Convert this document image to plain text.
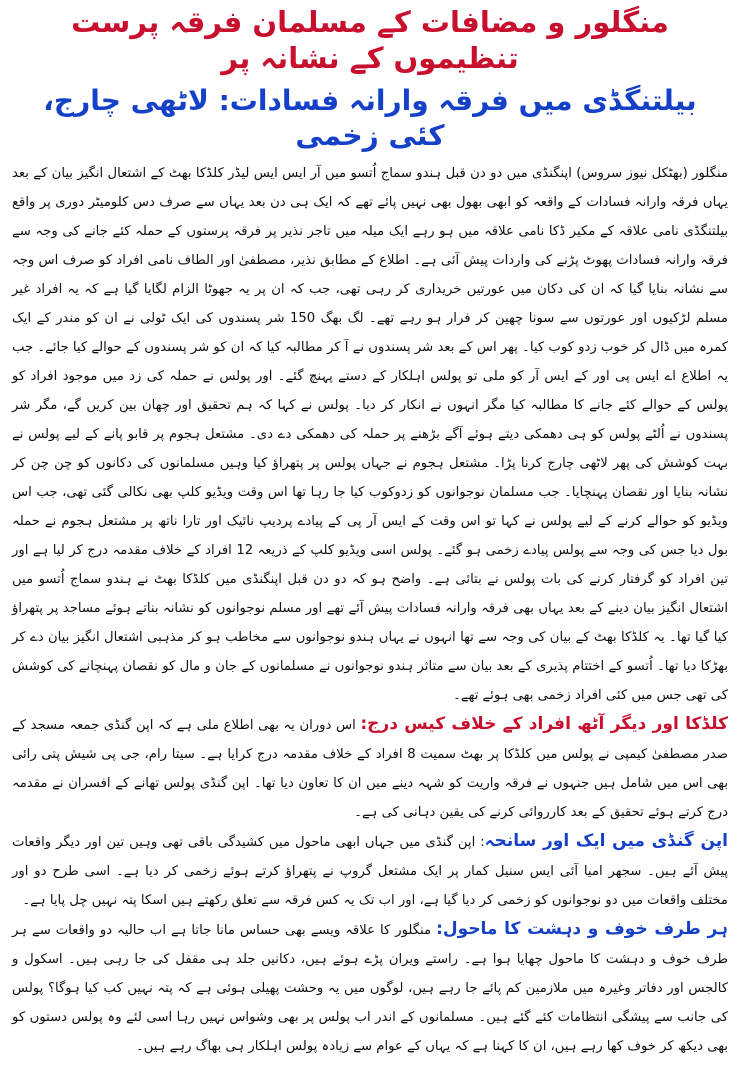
منگلور و مضافات کے مسلمان فرقہ پرست تنظیموں کے نشانہ پر
بیلتنگڈی میں فرقہ وارانہ فسادات: لاٹھی چارج، کئی زخمی

منگلور (بھٹکل نیوز سروس) اپنگنڈی میں دو دن قبل ہندو سماج اُتسو میں آر ایس ایس لیڈر کلڈکا بھٹ کے اشتعال انگیز بیان کے بعد یہاں فرقہ وارانہ فسادات کے واقعہ کو ابھی بھول بھی نہیں پائے تھے کہ ایک ہی دن بعد یہاں سے صرف دس کلومیٹر دوری پر واقع بیلتنگڈی نامی علاقہ کے مکیر ڈکا نامی علاقہ میں ہو رہے ایک میلہ میں تاجر نذیر پر فرقہ پرستوں کے حملہ کئے جانے کی وجہ سے فرقہ وارانہ فسادات پھوٹ پڑنے کی واردات پیش آئی ہے۔ اطلاع کے مطابق نذیر، مصطفیٰ اور الطاف نامی افراد کو صرف اس وجہ سے نشانہ بنایا گیا کہ ان کی دکان میں عورتیں خریداری کر رہی تھی، جب کہ ان پر یہ جھوٹا الزام لگایا گیا ہے کہ یہ افراد غیر مسلم لڑکیوں اور عورتوں سے سونا چھین کر فرار ہو رہے تھے۔ لگ بھگ 150 شر پسندوں کی ایک ٹولی نے ان کو مندر کے ایک کمرہ میں ڈال کر خوب زدو کوب کیا۔ پھر اس کے بعد شر پسندوں نے آ کر مطالبہ کیا کہ ان کو شر پسندوں کے حوالے کیا جائے۔ جب یہ اطلاع اے ایس پی اور کے ایس آر کو ملی تو پولس اہلکار کے دستے پہنچ گئے۔ اور پولس نے حملہ کی زد میں موجود افراد کو پولس کے حوالے کئے جانے کا مطالبہ کیا مگر انہوں نے انکار کر دیا۔ پولس نے کہا کہ ہم تحقیق اور چھان بین کریں گے، مگر شر پسندوں نے اُلٹے پولس کو ہی دھمکی دیتے ہوئے آگے بڑھنے پر حملہ کی دھمکی دے دی۔ مشتعل ہجوم پر قابو پانے کے لیے پولس نے بہت کوشش کی پھر لاٹھی چارج کرنا پڑا۔ مشتعل ہجوم نے جہاں پولس پر پتھراؤ کیا وہیں مسلمانوں کی دکانوں کو چن چن کر نشانہ بنایا اور نقصان پہنچایا۔ جب مسلمان نوجوانوں کو زدوکوب کیا جا رہا تھا اس وقت ویڈیو کلپ بھی نکالی گئی تھی، جب اس ویڈیو کو حوالے کرنے کے لیے پولس نے کہا تو اس وقت کے ایس آر پی کے پیادے پردیپ نائیک اور تارا ناتھ پر مشتعل ہجوم نے حملہ بول دیا جس کی وجہ سے پولس پیادے زخمی ہو گئے۔ پولس اسی ویڈیو کلپ کے ذریعہ 12 افراد کے خلاف مقدمہ درج کر لیا ہے اور تین افراد کو گرفتار کرنے کی بات پولس نے بتائی ہے۔ واضح ہو کہ دو دن قبل اپنگنڈی میں کلڈکا بھٹ نے ہندو سماج اُتسو میں اشتعال انگیز بیان دینے کے بعد یہاں بھی فرقہ وارانہ فسادات پیش آئے تھے اور مسلم نوجوانوں کو نشانہ بناتے ہوئے مساجد پر پتھراؤ کیا گیا تھا۔ یہ کلڈکا بھٹ کے بیان کی وجہ سے تھا انہوں نے یہاں ہندو نوجوانوں سے مخاطب ہو کر مذہبی اشتعال انگیز بیان دے کر بھڑکا دیا تھا۔ اُتسو کے اختتام پذیری کے بعد بیان سے متاثر ہندو نوجوانوں نے مسلمانوں کے جان و مال کو نقصان پہنچانے کی کوشش کی تھی جس میں کئی افراد زخمی بھی ہوئے تھے۔

کلڈکا اور دیگر آٹھ افراد کے خلاف کیس درج: اس دوران یہ بھی اطلاع ملی ہے کہ اپن گنڈی جمعہ مسجد کے صدر مصطفیٰ کیمپی نے پولس میں کلڈکا پر بھٹ سمیت 8 افراد کے خلاف مقدمہ درج کرایا ہے۔ سیتا رام، جی پی شیش پتی رائی بھی اس میں شامل ہیں جنہوں نے فرقہ واریت کو شہہ دینے میں ان کا تعاون دیا تھا۔ اپن گنڈی پولس تھانے کے افسران نے مقدمہ درج کرتے ہوئے تحقیق کے بعد کارروائی کرنے کی یقین دہانی کی ہے۔

اپن گنڈی میں ایک اور سانحہ: اپن گنڈی میں جہاں ابھی ماحول میں کشیدگی باقی تھی وہیں تین اور دیگر واقعات پیش آئے ہیں۔ سجھر امیا آئی ایس سنیل کمار پر ایک مشتعل گروپ نے پتھراؤ کرتے ہوئے زخمی کر دیا ہے۔ اسی طرح دو اور مختلف واقعات میں دو نوجوانوں کو زخمی کر دیا گیا ہے، اور اب تک یہ کس فرقہ سے تعلق رکھتے ہیں اسکا پتہ نہیں چل پایا ہے۔

ہر طرف خوف و دہشت کا ماحول: منگلور کا علاقہ ویسے بھی حساس مانا جاتا ہے اب حالیہ دو واقعات سے ہر طرف خوف و دہشت کا ماحول چھایا ہوا ہے۔ راستے ویران پڑے ہوئے ہیں، دکانیں جلد ہی مقفل کی جا رہی ہیں۔ اسکول و کالجس اور دفاتر وغیرہ میں ملازمین کم پائے جا رہے ہیں، لوگوں میں یہ وحشت پھیلی ہوئی ہے کہ پتہ نہیں کب کیا ہوگا؟ پولس کی جانب سے پیشگی انتظامات کئے گئے ہیں۔ مسلمانوں کے اندر اب پولس پر بھی وشواس نہیں رہا اسی لئے وہ پولس دستوں کو بھی دیکھ کر خوف کھا رہے ہیں، ان کا کہنا ہے کہ یہاں کے عوام سے زیادہ پولس اہلکار ہی بھاگ رہے ہیں۔
